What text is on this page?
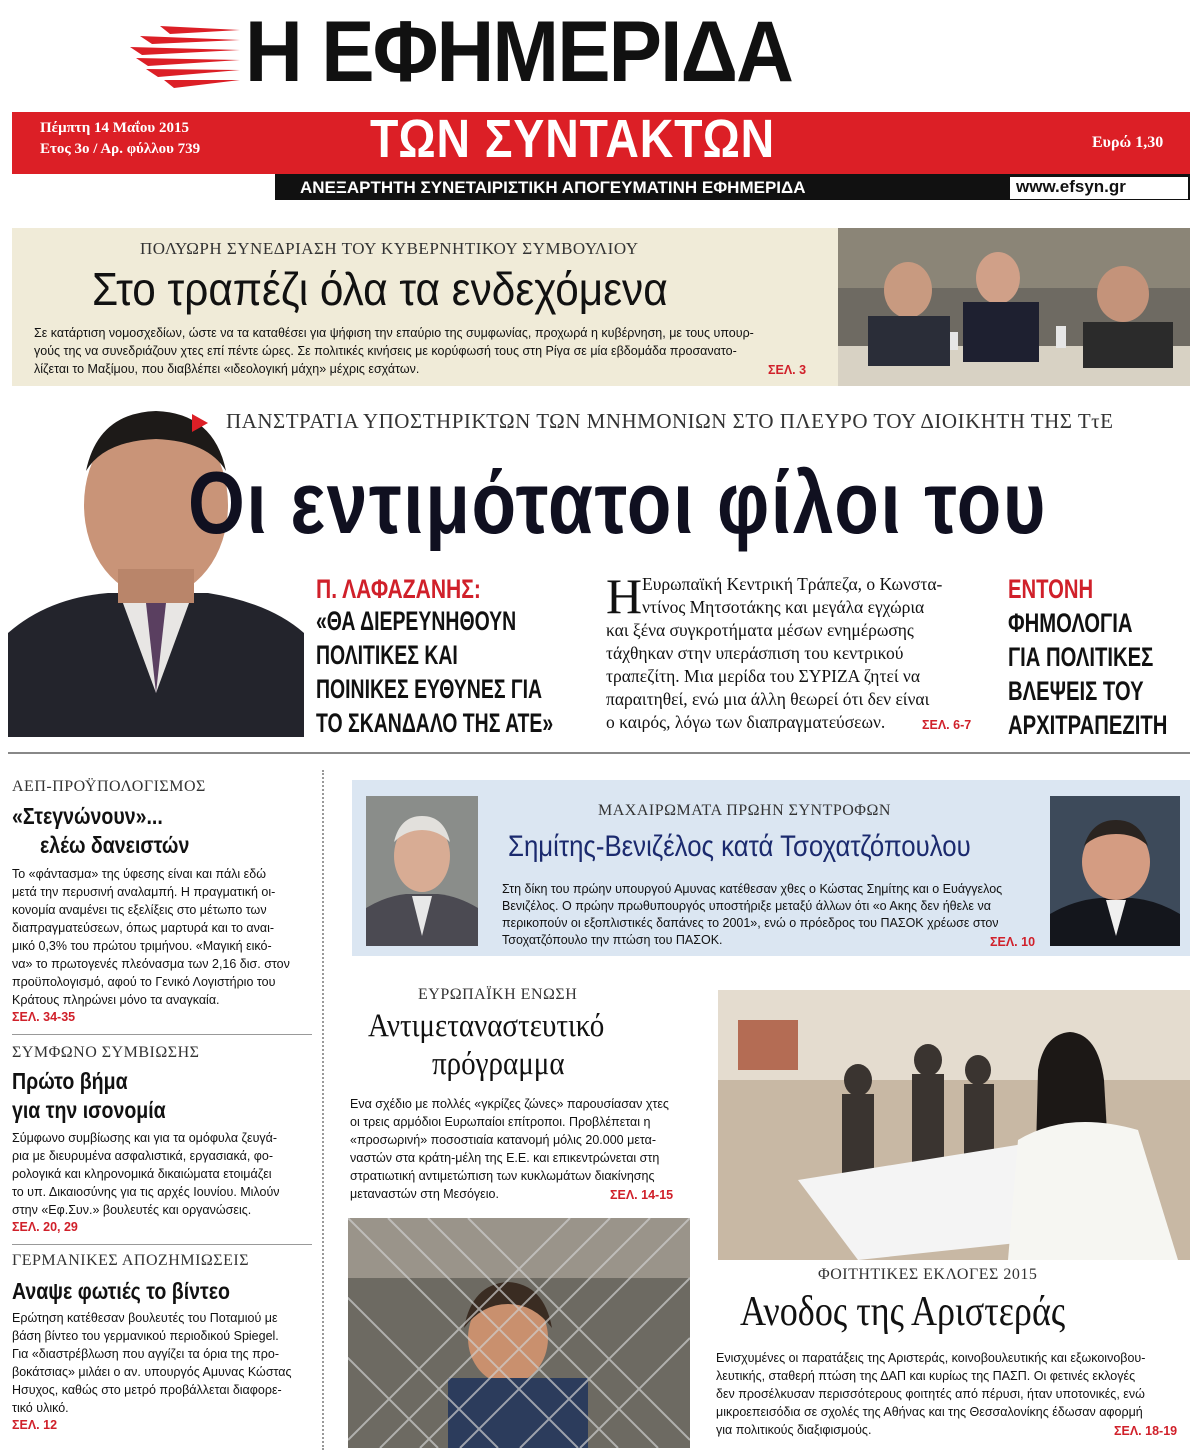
Η ΕΦΗΜΕΡΙΔΑ
Πέμπτη 14 Μαΐου 2015
Ετος 3ο / Αρ. φύλλου 739	ΤΩΝ ΣΥΝΤΑΚΤΩΝ	Ευρώ 1,30
ΑΝΕΞΑΡΤΗΤΗ ΣΥΝΕΤΑΙΡΙΣΤΙΚΗ ΑΠΟΓΕΥΜΑΤΙΝΗ ΕΦΗΜΕΡΙΔΑ	www.efsyn.gr
ΠΟΛΥΩΡΗ ΣΥΝΕΔΡΙΑΣΗ ΤΟΥ ΚΥΒΕΡΝΗΤΙΚΟΥ ΣΥΜΒΟΥΛΙΟΥ
Στο τραπέζι όλα τα ενδεχόμενα
Σε κατάρτιση νομοσχεδίων, ώστε να τα καταθέσει για ψήφιση την επαύριο της συμφωνίας, προχωρά η κυβέρνηση, με τους υπουρ-
γούς της να συνεδριάζουν χτες επί πέντε ώρες. Σε πολιτικές κινήσεις με κορύφωσή τους στη Ρίγα σε μία εβδομάδα προσανατο-
λίζεται το Μαξίμου, που διαβλέπει «ιδεολογική μάχη» μέχρις εσχάτων.	ΣΕΛ. 3
ΠΑΝΣΤΡΑΤΙΑ ΥΠΟΣΤΗΡΙΚΤΩΝ ΤΩΝ ΜΝΗΜΟΝΙΩΝ ΣΤΟ ΠΛΕΥΡΟ ΤΟΥ ΔΙΟΙΚΗΤΗ ΤΗΣ ΤτΕ
Οι εντιμότατοι φίλοι του
Π. ΛΑΦΑΖΑΝΗΣ:
«ΘΑ ΔΙΕΡΕΥΝΗΘΟΥΝ
ΠΟΛΙΤΙΚΕΣ ΚΑΙ
ΠΟΙΝΙΚΕΣ ΕΥΘΥΝΕΣ ΓΙΑ
ΤΟ ΣΚΑΝΔΑΛΟ ΤΗΣ ΑΤΕ»
Η Ευρωπαϊκή Κεντρική Τράπεζα, ο Κωνστα-
ντίνος Μητσοτάκης και μεγάλα εγχώρια
και ξένα συγκροτήματα μέσων ενημέρωσης
τάχθηκαν στην υπεράσπιση του κεντρικού
τραπεζίτη. Μια μερίδα του ΣΥΡΙΖΑ ζητεί να
παραιτηθεί, ενώ μια άλλη θεωρεί ότι δεν είναι
ο καιρός, λόγω των διαπραγματεύσεων.	ΣΕΛ. 6-7
ΕΝΤΟΝΗ
ΦΗΜΟΛΟΓΙΑ
ΓΙΑ ΠΟΛΙΤΙΚΕΣ
ΒΛΕΨΕΙΣ ΤΟΥ
ΑΡΧΙΤΡΑΠΕΖΙΤΗ
ΑΕΠ-ΠΡΟΫΠΟΛΟΓΙΣΜΟΣ
«Στεγνώνουν»...
ελέω δανειστών
Το «φάντασμα» της ύφεσης είναι και πάλι εδώ
μετά την περυσινή αναλαμπή. Η πραγματική οι-
κονομία αναμένει τις εξελίξεις στο μέτωπο των
διαπραγματεύσεων, όπως μαρτυρά και το αναι-
μικό 0,3% του πρώτου τριμήνου. «Μαγική εικό-
να» το πρωτογενές πλεόνασμα των 2,16 δισ. στον
προϋπολογισμό, αφού το Γενικό Λογιστήριο του
Κράτους πληρώνει μόνο τα αναγκαία.
ΣΕΛ. 34-35
ΣΥΜΦΩΝΟ ΣΥΜΒΙΩΣΗΣ
Πρώτο βήμα
για την ισονομία
Σύμφωνο συμβίωσης και για τα ομόφυλα ζευγά-
ρια με διευρυμένα ασφαλιστικά, εργασιακά, φο-
ρολογικά και κληρονομικά δικαιώματα ετοιμάζει
το υπ. Δικαιοσύνης για τις αρχές Ιουνίου. Μιλούν
στην «Εφ.Συν.» βουλευτές και οργανώσεις.
ΣΕΛ. 20, 29
ΓΕΡΜΑΝΙΚΕΣ ΑΠΟΖΗΜΙΩΣΕΙΣ
Αναψε φωτιές το βίντεο
Ερώτηση κατέθεσαν βουλευτές του Ποταμιού με
βάση βίντεο του γερμανικού περιοδικού Spiegel.
Για «διαστρέβλωση που αγγίζει τα όρια της προ-
βοκάτσιας» μιλάει ο αν. υπουργός Αμυνας Κώστας
Ησυχος, καθώς στο μετρό προβάλλεται διαφορε-
τικό υλικό.
ΣΕΛ. 12
ΜΑΧΑΙΡΩΜΑΤΑ ΠΡΩΗΝ ΣΥΝΤΡΟΦΩΝ
Σημίτης-Βενιζέλος κατά Τσοχατζόπουλου
Στη δίκη του πρώην υπουργού Αμυνας κατέθεσαν χθες ο Κώστας Σημίτης και ο Ευάγγελος
Βενιζέλος. Ο πρώην πρωθυπουργός υποστήριξε μεταξύ άλλων ότι «ο Ακης δεν ήθελε να
περικοπούν οι εξοπλιστικές δαπάνες το 2001», ενώ ο πρόεδρος του ΠΑΣΟΚ χρέωσε στον
Τσοχατζόπουλο την πτώση του ΠΑΣΟΚ.	ΣΕΛ. 10
ΕΥΡΩΠΑΪΚΗ ΕΝΩΣΗ
Αντιμεταναστευτικό
πρόγραμμα
Ενα σχέδιο με πολλές «γκρίζες ζώνες» παρουσίασαν χτες
οι τρεις αρμόδιοι Ευρωπαίοι επίτροποι. Προβλέπεται η
«προσωρινή» ποσοστιαία κατανομή μόλις 20.000 μετα-
ναστών στα κράτη-μέλη της Ε.Ε. και επικεντρώνεται στη
στρατιωτική αντιμετώπιση των κυκλωμάτων διακίνησης
μεταναστών στη Μεσόγειο.	ΣΕΛ. 14-15
ΦΟΙΤΗΤΙΚΕΣ ΕΚΛΟΓΕΣ 2015
Ανοδος της Αριστεράς
Ενισχυμένες οι παρατάξεις της Αριστεράς, κοινοβουλευτικής και εξωκοινοβου-
λευτικής, σταθερή πτώση της ΔΑΠ και κυρίως της ΠΑΣΠ. Οι φετινές εκλογές
δεν προσέλκυσαν περισσότερους φοιτητές από πέρυσι, ήταν υποτονικές, ενώ
μικροεπεισόδια σε σχολές της Αθήνας και της Θεσσαλονίκης έδωσαν αφορμή
για πολιτικούς διαξιφισμούς.	ΣΕΛ. 18-19
